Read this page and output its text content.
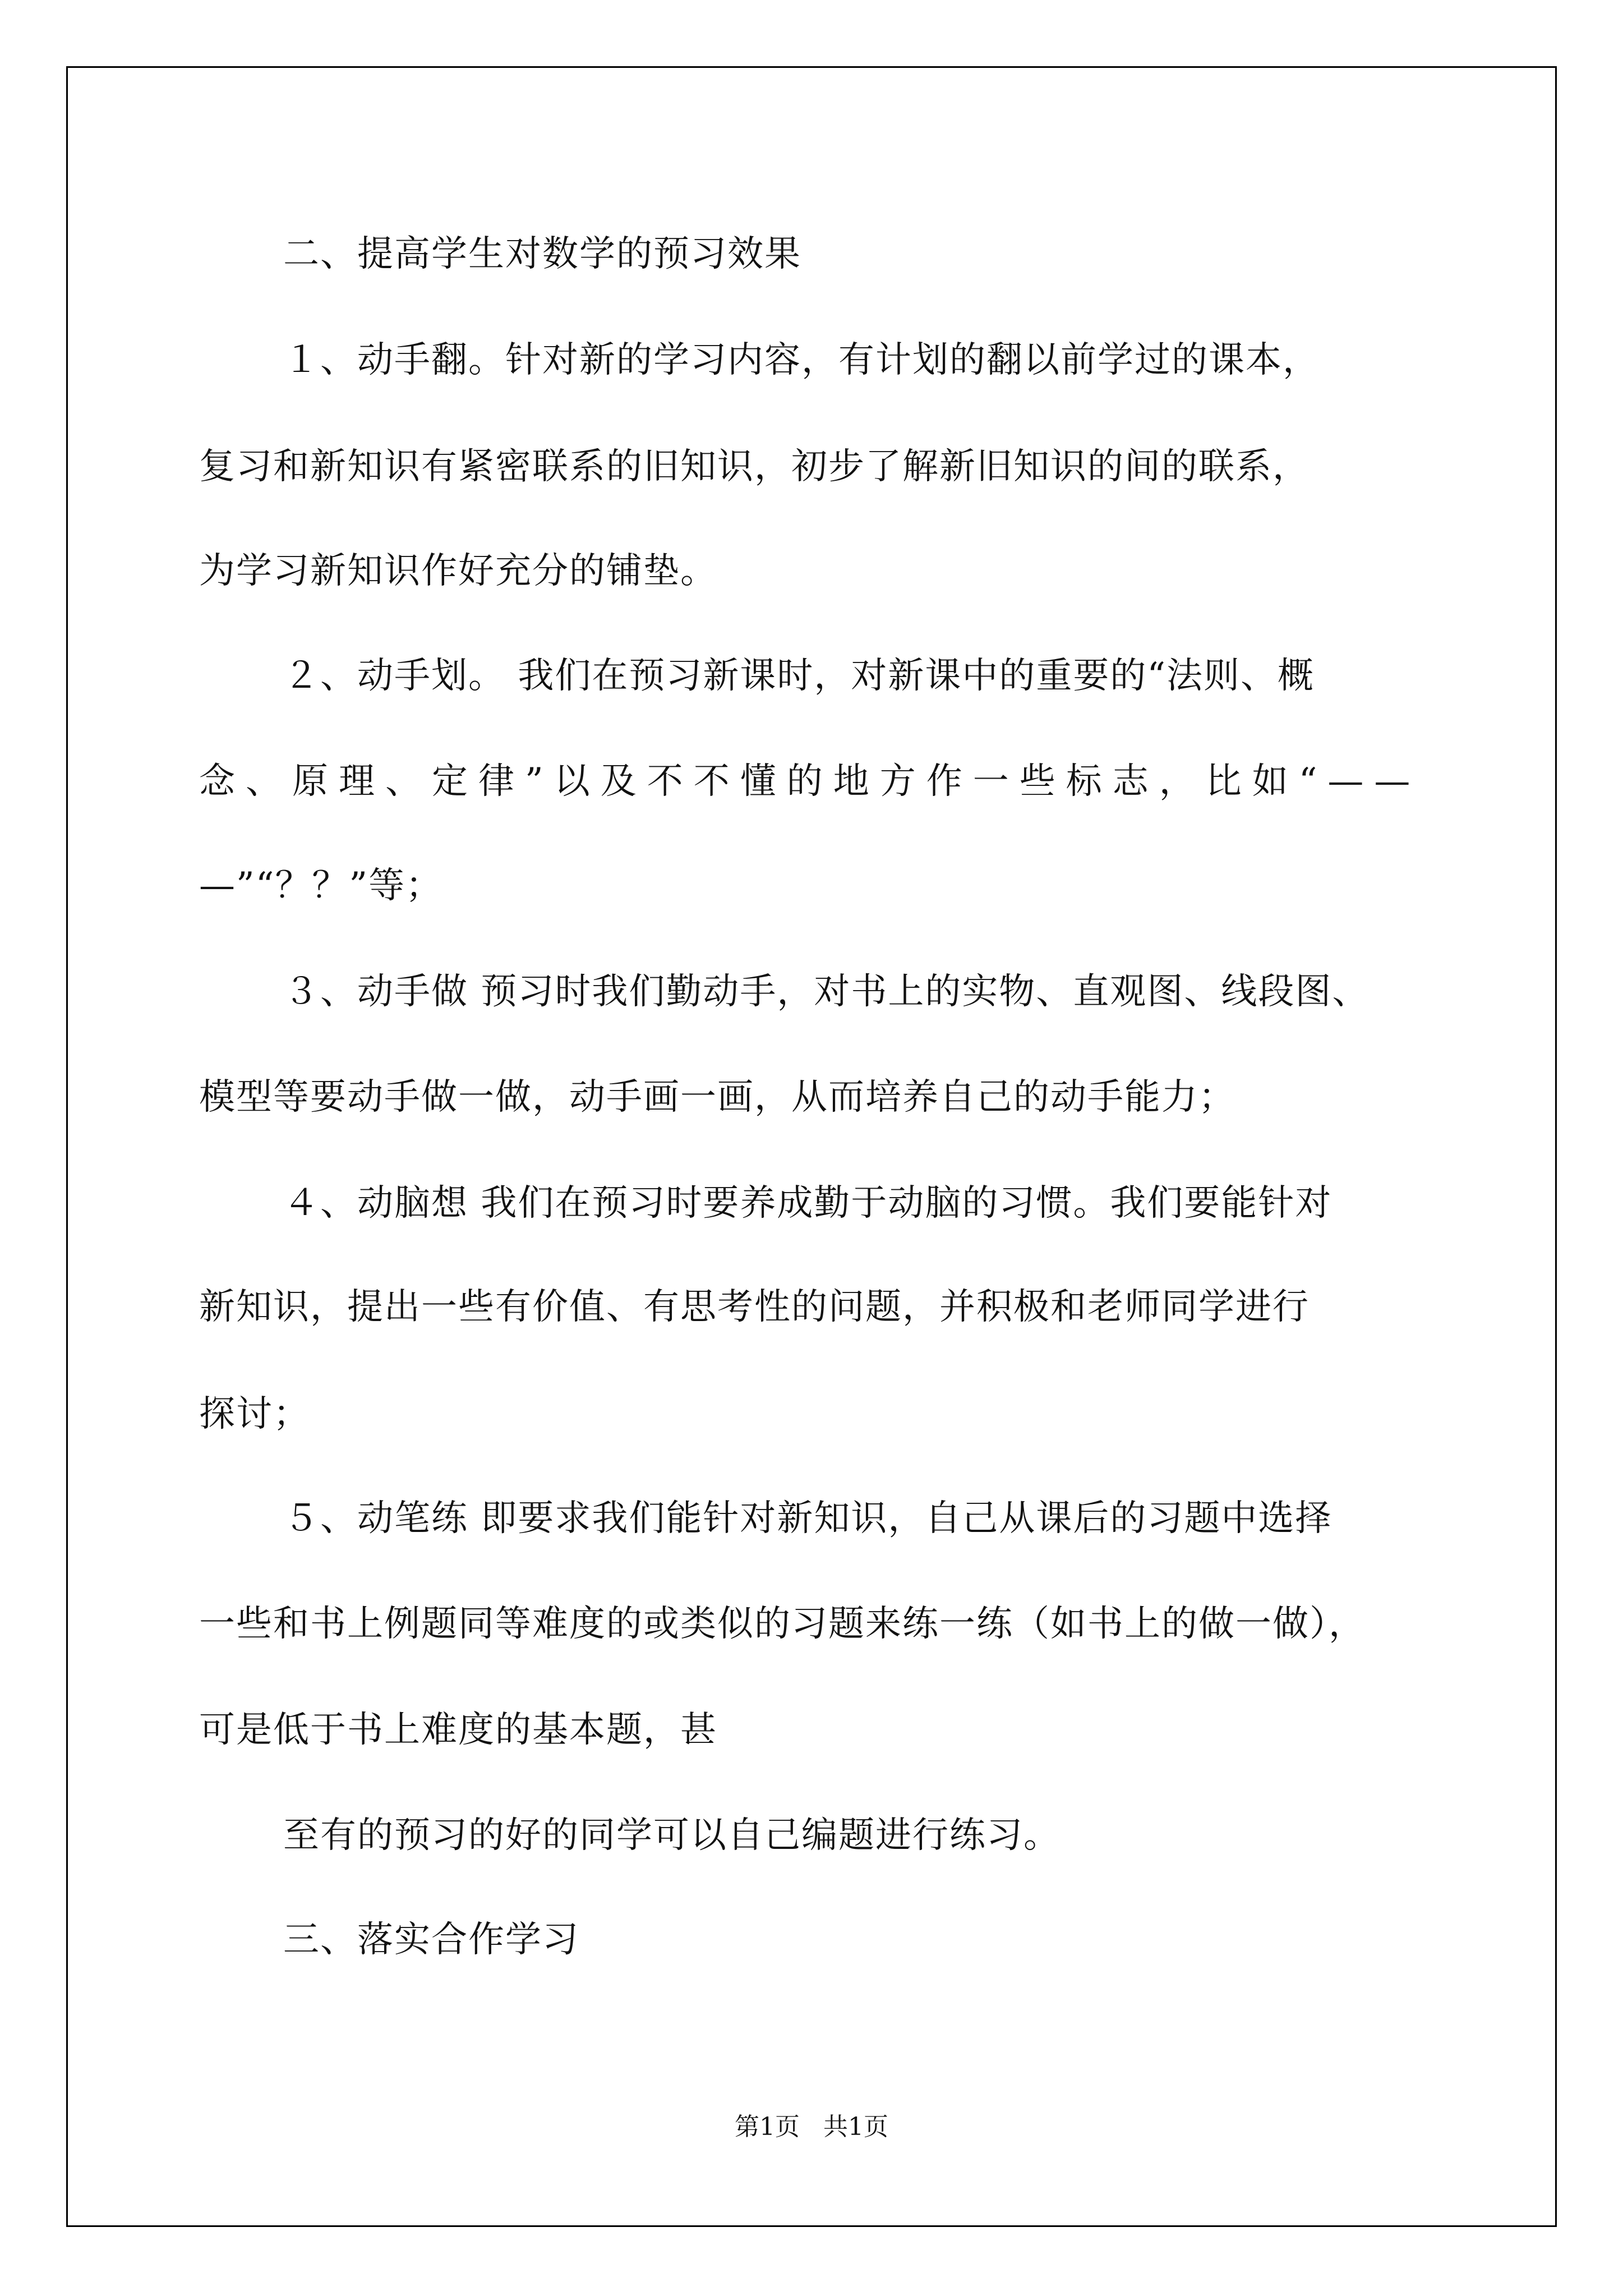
二、提高学生对数学的预习效果
１、动手翻。针对新的学习内容，有计划的翻以前学过的课本，
复习和新知识有紧密联系的旧知识，初步了解新旧知识的间的联系，
为学习新知识作好充分的铺垫。
２、动手划。 我们在预习新课时，对新课中的重要的“法则、概
念、原理、定律”以及不不懂的地方作一些标志，比如“——
—”“？？”等；
３、动手做 预习时我们勤动手，对书上的实物、直观图、线段图、
模型等要动手做一做，动手画一画，从而培养自己的动手能力；
４、动脑想 我们在预习时要养成勤于动脑的习惯。我们要能针对
新知识，提出一些有价值、有思考性的问题，并积极和老师同学进行
探讨；
５、动笔练 即要求我们能针对新知识，自己从课后的习题中选择
一些和书上例题同等难度的或类似的习题来练一练（如书上的做一做），
可是低于书上难度的基本题，甚
至有的预习的好的同学可以自己编题进行练习。
三、落实合作学习
第1页   共1页
